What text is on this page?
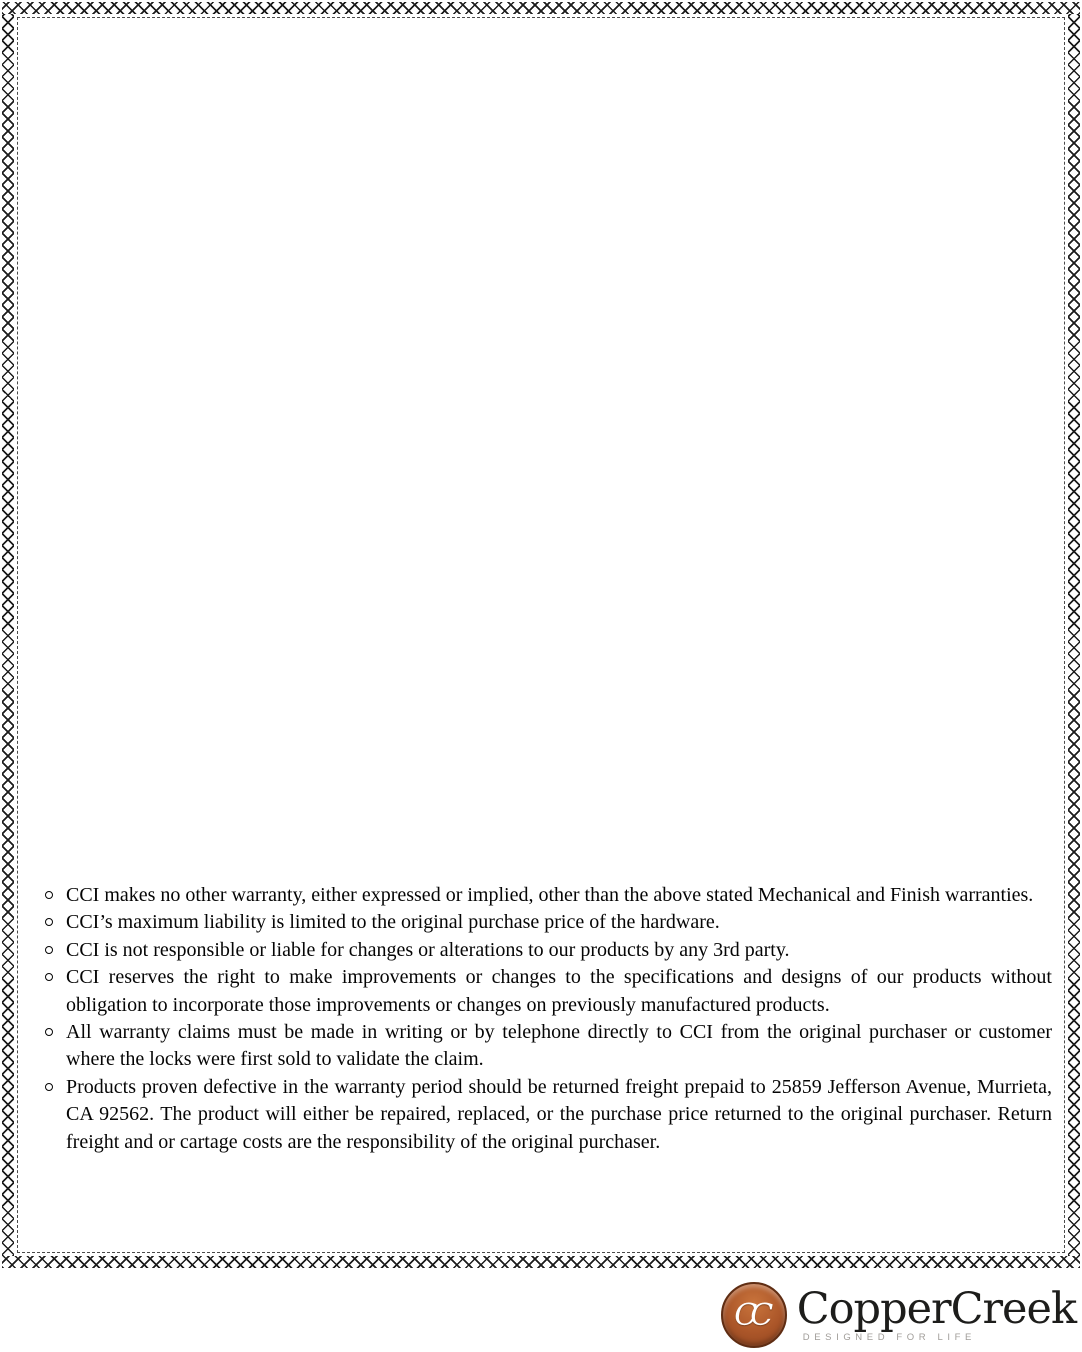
CCI makes no other warranty, either expressed or implied, other than the above stated Mechanical and Finish warranties.
CCI’s maximum liability is limited to the original purchase price of the hardware.
CCI is not responsible or liable for changes or alterations to our products by any 3rd party.
CCI reserves the right to make improvements or changes to the specifications and designs of our products without obligation to incorporate those improvements or changes on previously manufactured products.
All warranty claims must be made in writing or by telephone directly to CCI from the original purchaser or customer where the locks were first sold to validate the claim.
Products proven defective in the warranty period should be returned freight prepaid to 25859 Jefferson Avenue, Murrieta, CA 92562. The product will either be repaired, replaced, or the purchase price returned to the original purchaser. Return freight and or cartage costs are the responsibility of the original purchaser.
CC CopperCreek
DESIGNED FOR LIFE
